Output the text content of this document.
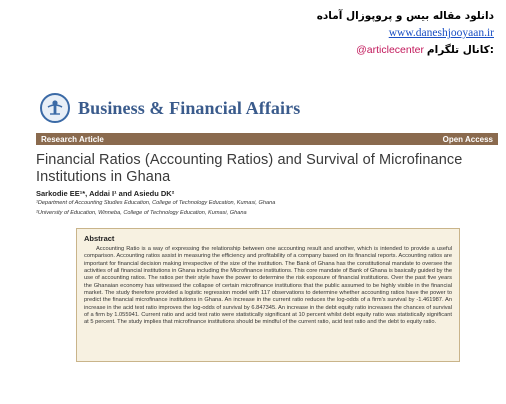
دانلود مقاله بیس و پروپوزال آماده
www.daneshjooyaan.ir
@articlecenter کانال تلگرام:
Business & Financial Affairs
Research Article	Open Access
Financial Ratios (Accounting Ratios) and Survival of Microfinance Institutions in Ghana
Sarkodie EE¹*, Addai I¹ and Asiedu DK²
¹Department of Accounting Studies Education, College of Technology Education, Kumasi, Ghana
²University of Education, Winneba, College of Technology Education, Kumasi, Ghana
Abstract

Accounting Ratio is a way of expressing the relationship between one accounting result and another, which is intended to provide a useful comparison. Accounting ratios assist in measuring the efficiency and profitability of a company based on its financial reports. Accounting ratios are important for financial decision making irrespective of the size of the institution. The Bank of Ghana has the constitutional mandate to oversee the activities of all financial institutions in Ghana including the Microfinance institutions. This core mandate of Bank of Ghana is basically guided by the use of accounting ratios. The ratios per their style have the power to determine the risk exposure of financial institutions. Over the past five years the Ghanaian economy has witnessed the collapse of certain microfinance institutions that the public assumed to be highly visible in the financial market. The study therefore provided a logistic regression model with 117 observations to determine whether accounting ratios have the power to predict the financial microfinance institutions in Ghana. An increase in the current ratio reduces the log-odds of a firm's survival by -1.461987. An increase in the acid test ratio improves the log-odds of survival by 6.847345. An increase in the debt equity ratio increases the chances of survival of a firm by 1.055941. Current ratio and acid test ratio were statistically significant at 10 percent whilst debt equity ratio was statistically significant at 5 percent. The study implies that microfinance institutions should be mindful of the current ratio, acid test ratio and the debt to equity ratio.
